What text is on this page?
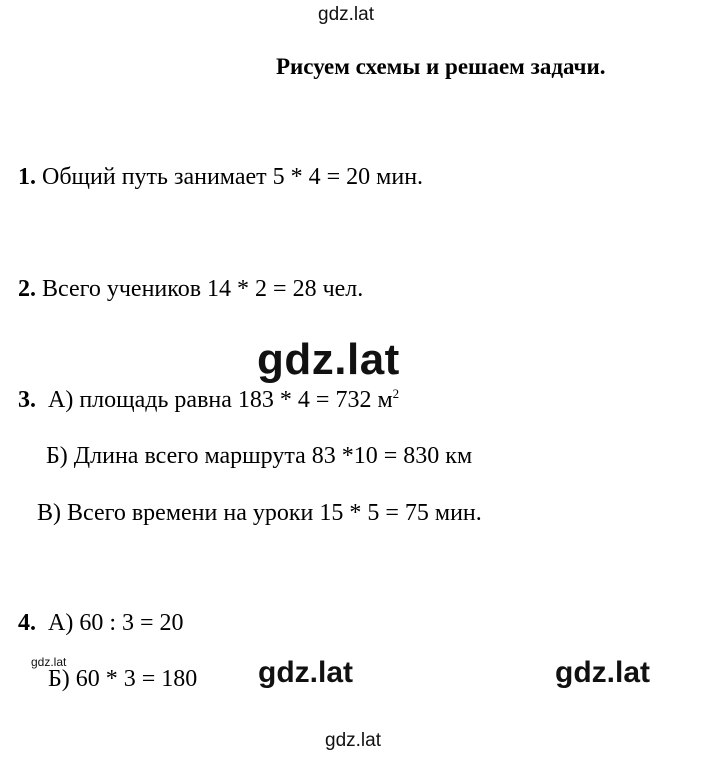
gdz.lat
Рисуем схемы и решаем задачи.
1. Общий путь занимает 5 * 4 = 20 мин.
2. Всего учеников 14 * 2 = 28 чел.
gdz.lat
3. А) площадь равна 183 * 4 = 732 $м^2$
Б) Длина всего маршрута 83 *10 = 830 км
В) Всего времени на уроки 15 * 5 = 75 мин.
4. А) 60 : 3 = 20
gdz.lat
Б) 60 * 3 = 180 gdz.lat	gdz.lat
gdz.lat
